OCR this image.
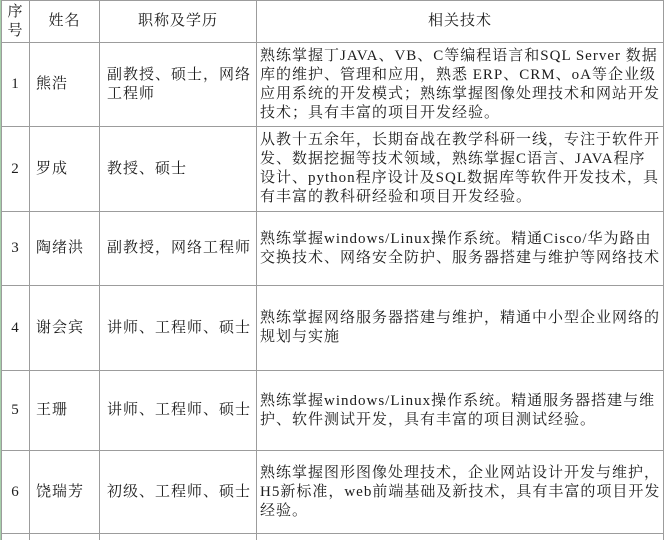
序号	姓名	职称及学历	相关技术
1	熊浩	副教授、硕士，网络工程师	熟练掌握丁JAVA、VB、C等编程语言和SQL Server 数据库的维护、管理和应用，熟悉 ERP、CRM、oA等企业级应用系统的开发模式；熟练掌握图像处理技术和网站开发技术；具有丰富的项目开发经验。
2	罗成	教授、硕士	从教十五余年，长期奋战在教学科研一线，专注于软件开发、数据挖掘等技术领域，熟练掌握C语言、JAVA程序设计、python程序设计及SQL数据库等软件开发技术，具有丰富的教科研经验和项目开发经验。
3	陶绪洪	副教授，网络工程师	熟练掌握windows/Linux操作系统。精通Cisco/华为路由交换技术、网络安全防护、服务器搭建与维护等网络技术
4	谢会宾	讲师、工程师、硕士	熟练掌握网络服务器搭建与维护，精通中小型企业网络的规划与实施
5	王珊	讲师、工程师、硕士	熟练掌握windows/Linux操作系统。精通服务器搭建与维护、软件测试开发，具有丰富的项目测试经验。
6	饶瑞芳	初级、工程师、硕士	熟练掌握图形图像处理技术，企业网站设计开发与维护，H5新标准，web前端基础及新技术，具有丰富的项目开发经验。
